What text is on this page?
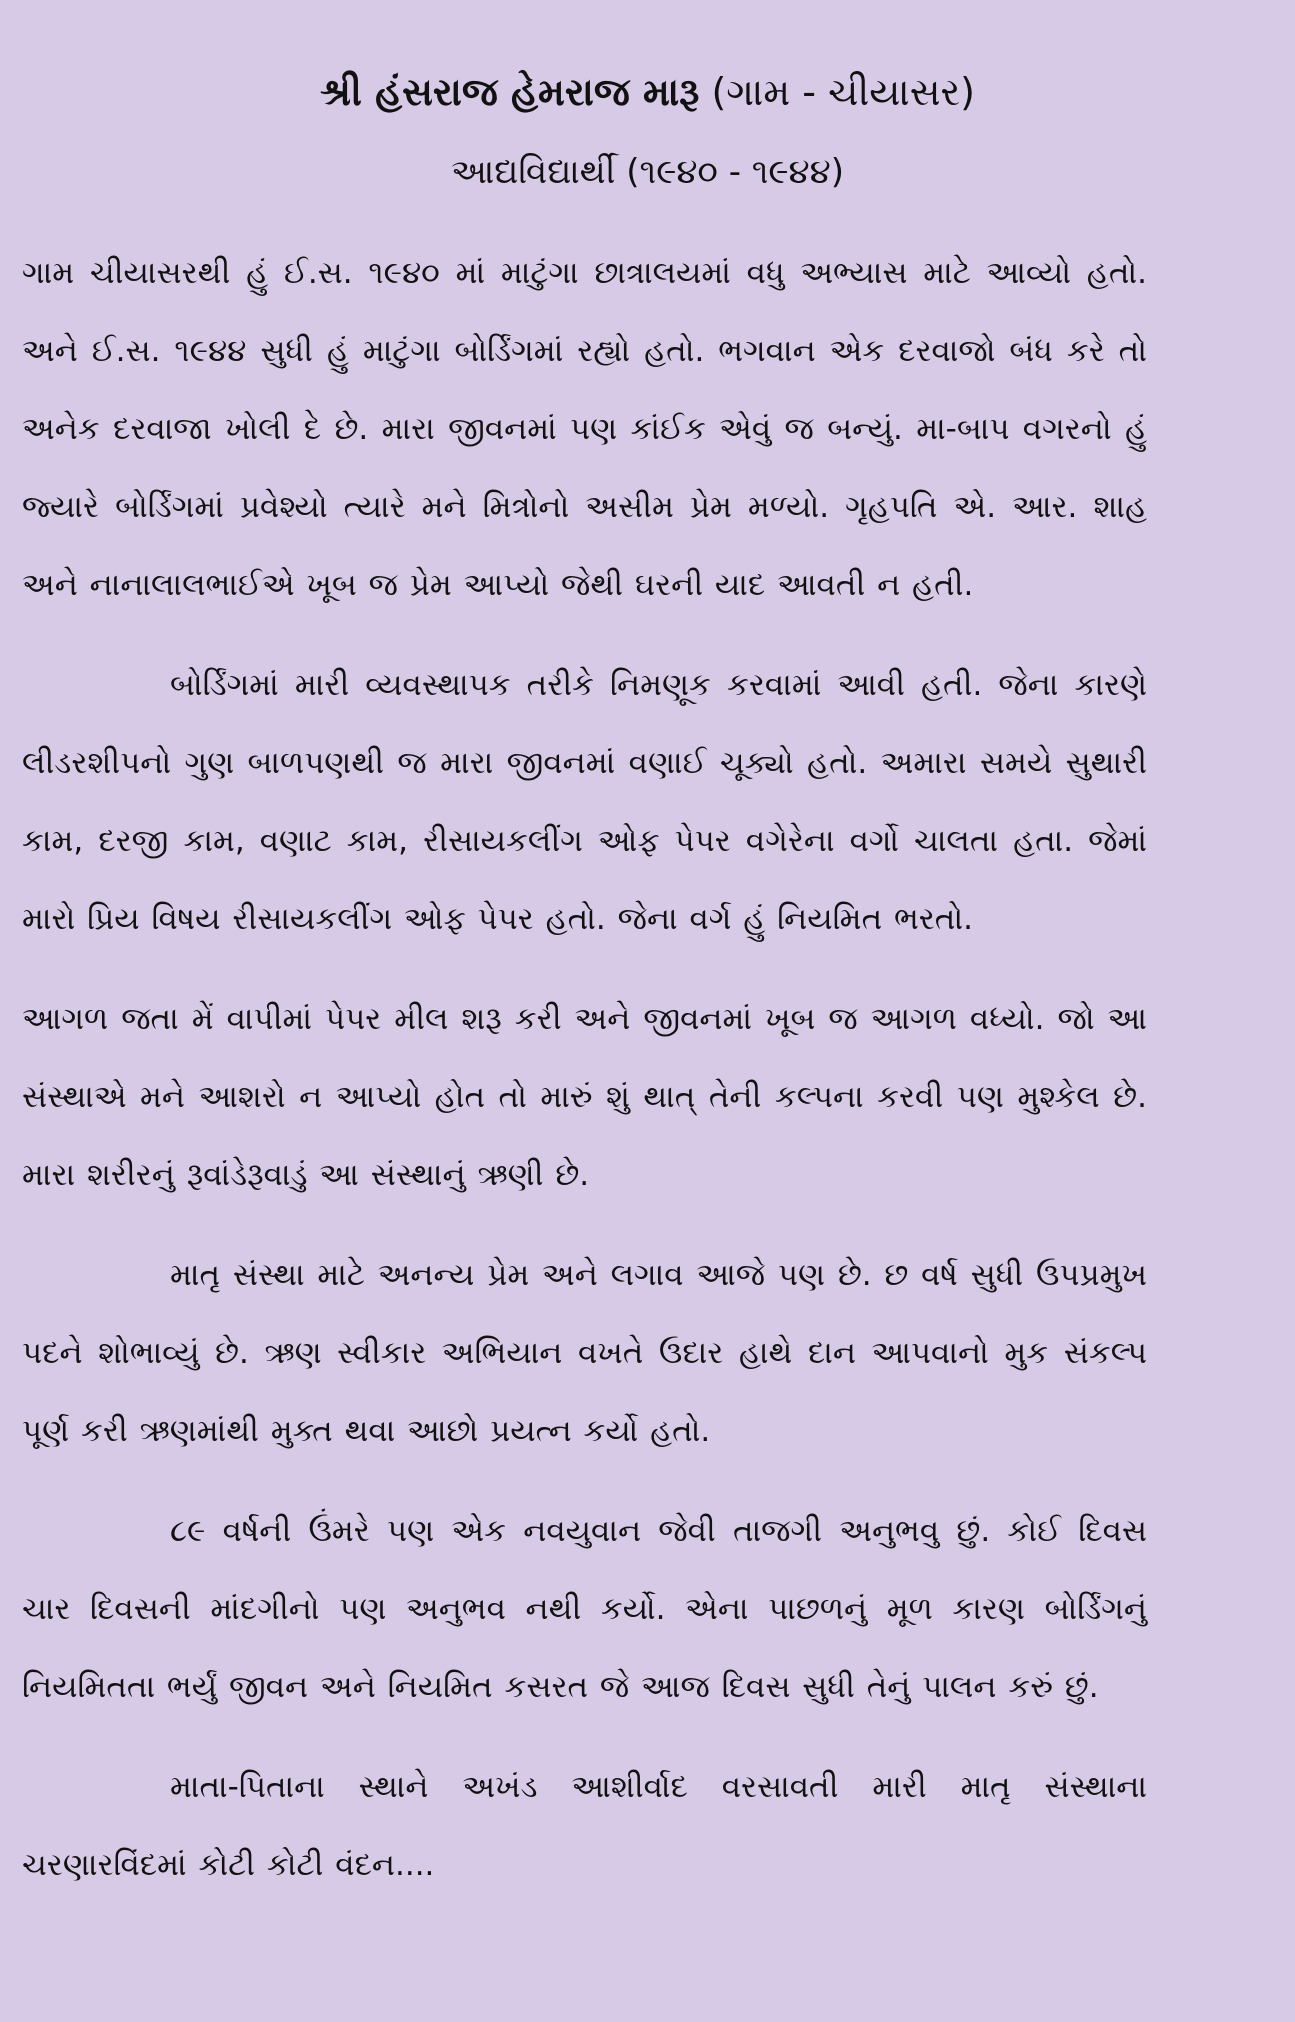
શ્રી હંસરાજ હેમરાજ મારૂ (ગામ - ચીયાસર)
આદ્યવિદ્યાર્થી (૧૯૪૦ - ૧૯૪૪)

ગામ ચીયાસરથી હું ઈ.સ. ૧૯૪૦ માં માટુંગા છાત્રાલયમાં વધુ અભ્યાસ માટે આવ્યો હતો. અને ઈ.સ. ૧૯૪૪ સુધી હું માટુંગા બોર્ડિંગમાં રહ્યો હતો. ભગવાન એક દરવાજો બંધ કરે તો અનેક દરવાજા ખોલી દે છે. મારા જીવનમાં પણ કાંઈક એવું જ બન્યું. મા-બાપ વગરનો હું જ્યારે બોર્ડિંગમાં પ્રવેશ્યો ત્યારે મને મિત્રોનો અસીમ પ્રેમ મળ્યો. ગૃહપતિ એ. આર. શાહ અને નાનાલાલભાઈએ ખૂબ જ પ્રેમ આપ્યો જેથી ઘરની યાદ આવતી ન હતી.

બોર્ડિંગમાં મારી વ્યવસ્થાપક તરીકે નિમણૂક કરવામાં આવી હતી. જેના કારણે લીડરશીપનો ગુણ બાળપણથી જ મારા જીવનમાં વણાઈ ચૂક્યો હતો. અમારા સમયે સુથારી કામ, દરજી કામ, વણાટ કામ, રીસાયકલીંગ ઓફ પેપર વગેરેના વર્ગો ચાલતા હતા. જેમાં મારો પ્રિય વિષય રીસાયકલીંગ ઓફ પેપર હતો. જેના વર્ગ હું નિયમિત ભરતો.

આગળ જતા મેં વાપીમાં પેપર મીલ શરૂ કરી અને જીવનમાં ખૂબ જ આગળ વધ્યો. જો આ સંસ્થાએ મને આશરો ન આપ્યો હોત તો મારું શું થાત્ તેની કલ્પના કરવી પણ મુશ્કેલ છે. મારા શરીરનું રૂવાંડેરૂવાડું આ સંસ્થાનું ઋણી છે.

માતૃ સંસ્થા માટે અનન્ય પ્રેમ અને લગાવ આજે પણ છે. છ વર્ષ સુધી ઉપપ્રમુખ પદને શોભાવ્યું છે. ઋણ સ્વીકાર અભિયાન વખતે ઉદાર હાથે દાન આપવાનો મુક સંકલ્પ પૂર્ણ કરી ઋણમાંથી મુક્ત થવા આછો પ્રયત્ન કર્યો હતો.

૮૯ વર્ષની ઉંમરે પણ એક નવયુવાન જેવી તાજગી અનુભવુ છું. કોઈ દિવસ ચાર દિવસની માંદગીનો પણ અનુભવ નથી કર્યો. એના પાછળનું મૂળ કારણ બોર્ડિંગનું નિયમિતતા ભર્યું જીવન અને નિયમિત કસરત જે આજ દિવસ સુધી તેનું પાલન કરું છું.

માતા-પિતાના સ્થાને અખંડ આશીર્વાદ વરસાવતી મારી માતૃ સંસ્થાના ચરણારવિંદમાં કોટી કોટી વંદન....
